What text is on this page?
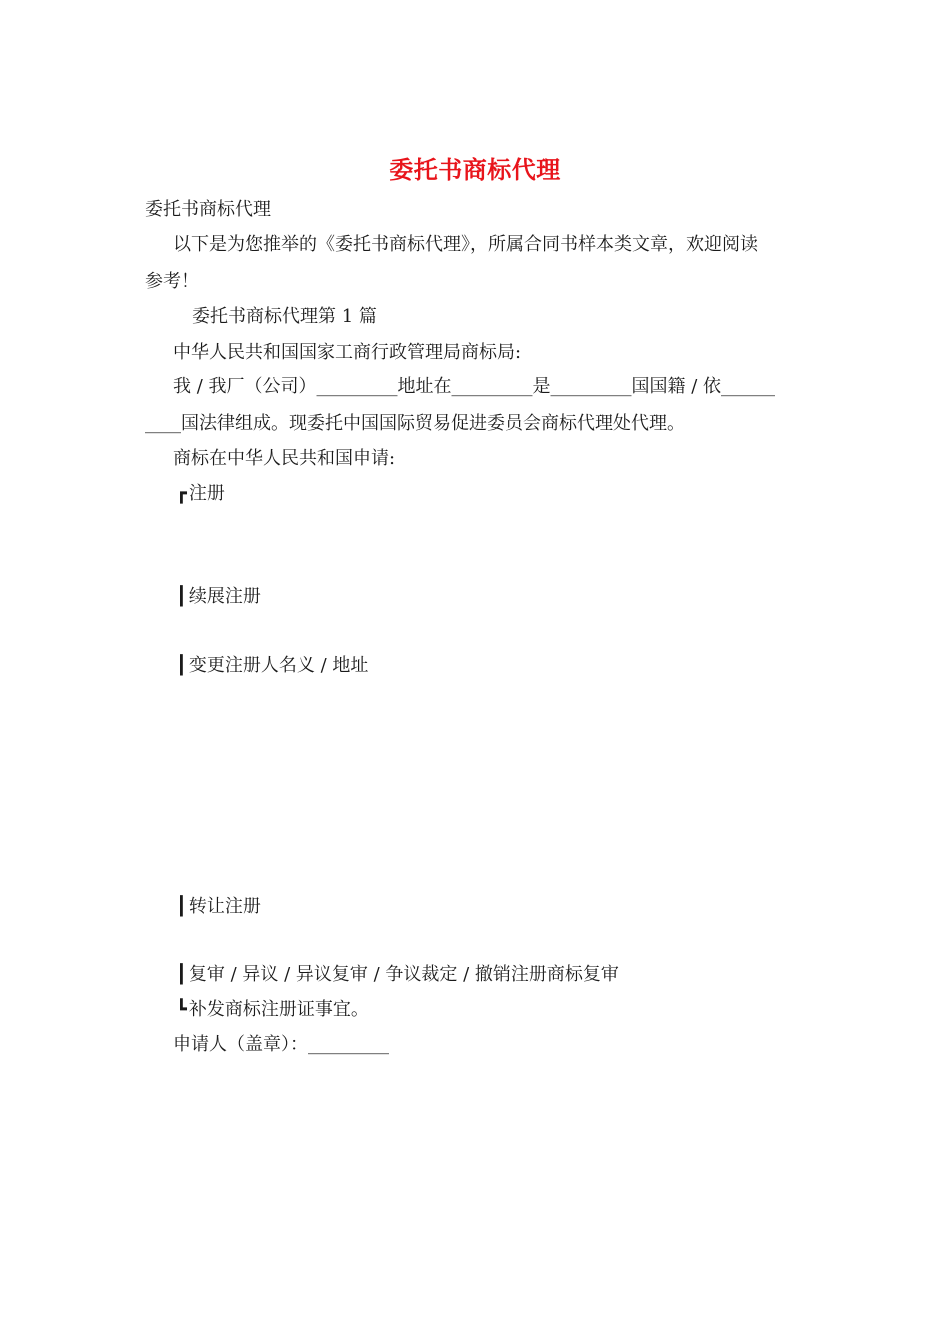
委托书商标代理
委托书商标代理
以下是为您推举的《委托书商标代理》，所属合同书样本类文章，欢迎阅读
参考！
委托书商标代理第 1 篇
中华人民共和国国家工商行政管理局商标局:
我 / 我厂（公司）_________地址在_________是_________国国籍 / 依______
____国法律组成。现委托中国国际贸易促进委员会商标代理处代理。
商标在中华人民共和国申请:
┏ 注册
┃ 续展注册
┃ 变更注册人名义 / 地址
┃ 转让注册
┃ 复审 / 异议 / 异议复审 / 争议裁定 / 撤销注册商标复审
┗ 补发商标注册证事宜。
申请人（盖章）：_________
